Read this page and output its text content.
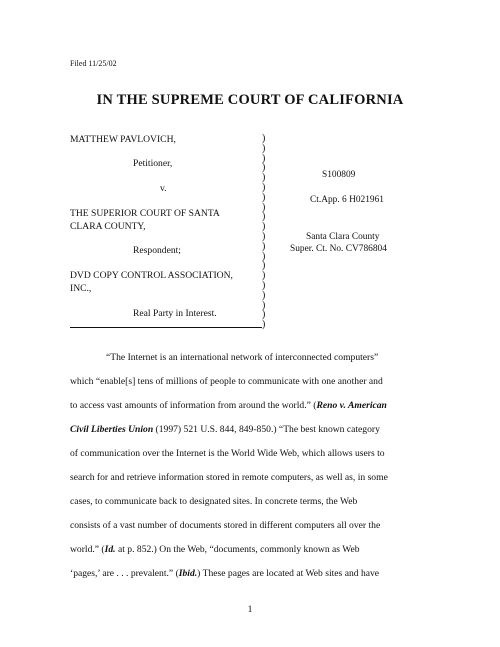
Filed 11/25/02
IN THE SUPREME COURT OF CALIFORNIA
MATTHEW PAVLOVICH,
Petitioner,
v.
THE SUPERIOR COURT OF SANTA
CLARA COUNTY,
Respondent;
DVD COPY CONTROL ASSOCIATION,
INC.,
Real Party in Interest.
)
)
)
)
)
)
)
)
)
)
)
)
)
)
)
)
)
)
)
)
S100809
Ct.App. 6 H021961
Santa Clara County
Super. Ct. No. CV786804
“The Internet is an international network of interconnected computers”
which “enable[s] tens of millions of people to communicate with one another and
to access vast amounts of information from around the world.” (Reno v. American
Civil Liberties Union (1997) 521 U.S. 844, 849-850.) “The best known category
of communication over the Internet is the World Wide Web, which allows users to
search for and retrieve information stored in remote computers, as well as, in some
cases, to communicate back to designated sites. In concrete terms, the Web
consists of a vast number of documents stored in different computers all over the
world.” (Id. at p. 852.) On the Web, “documents, commonly known as Web
‘pages,’ are . . . prevalent.” (Ibid.) These pages are located at Web sites and have
1
